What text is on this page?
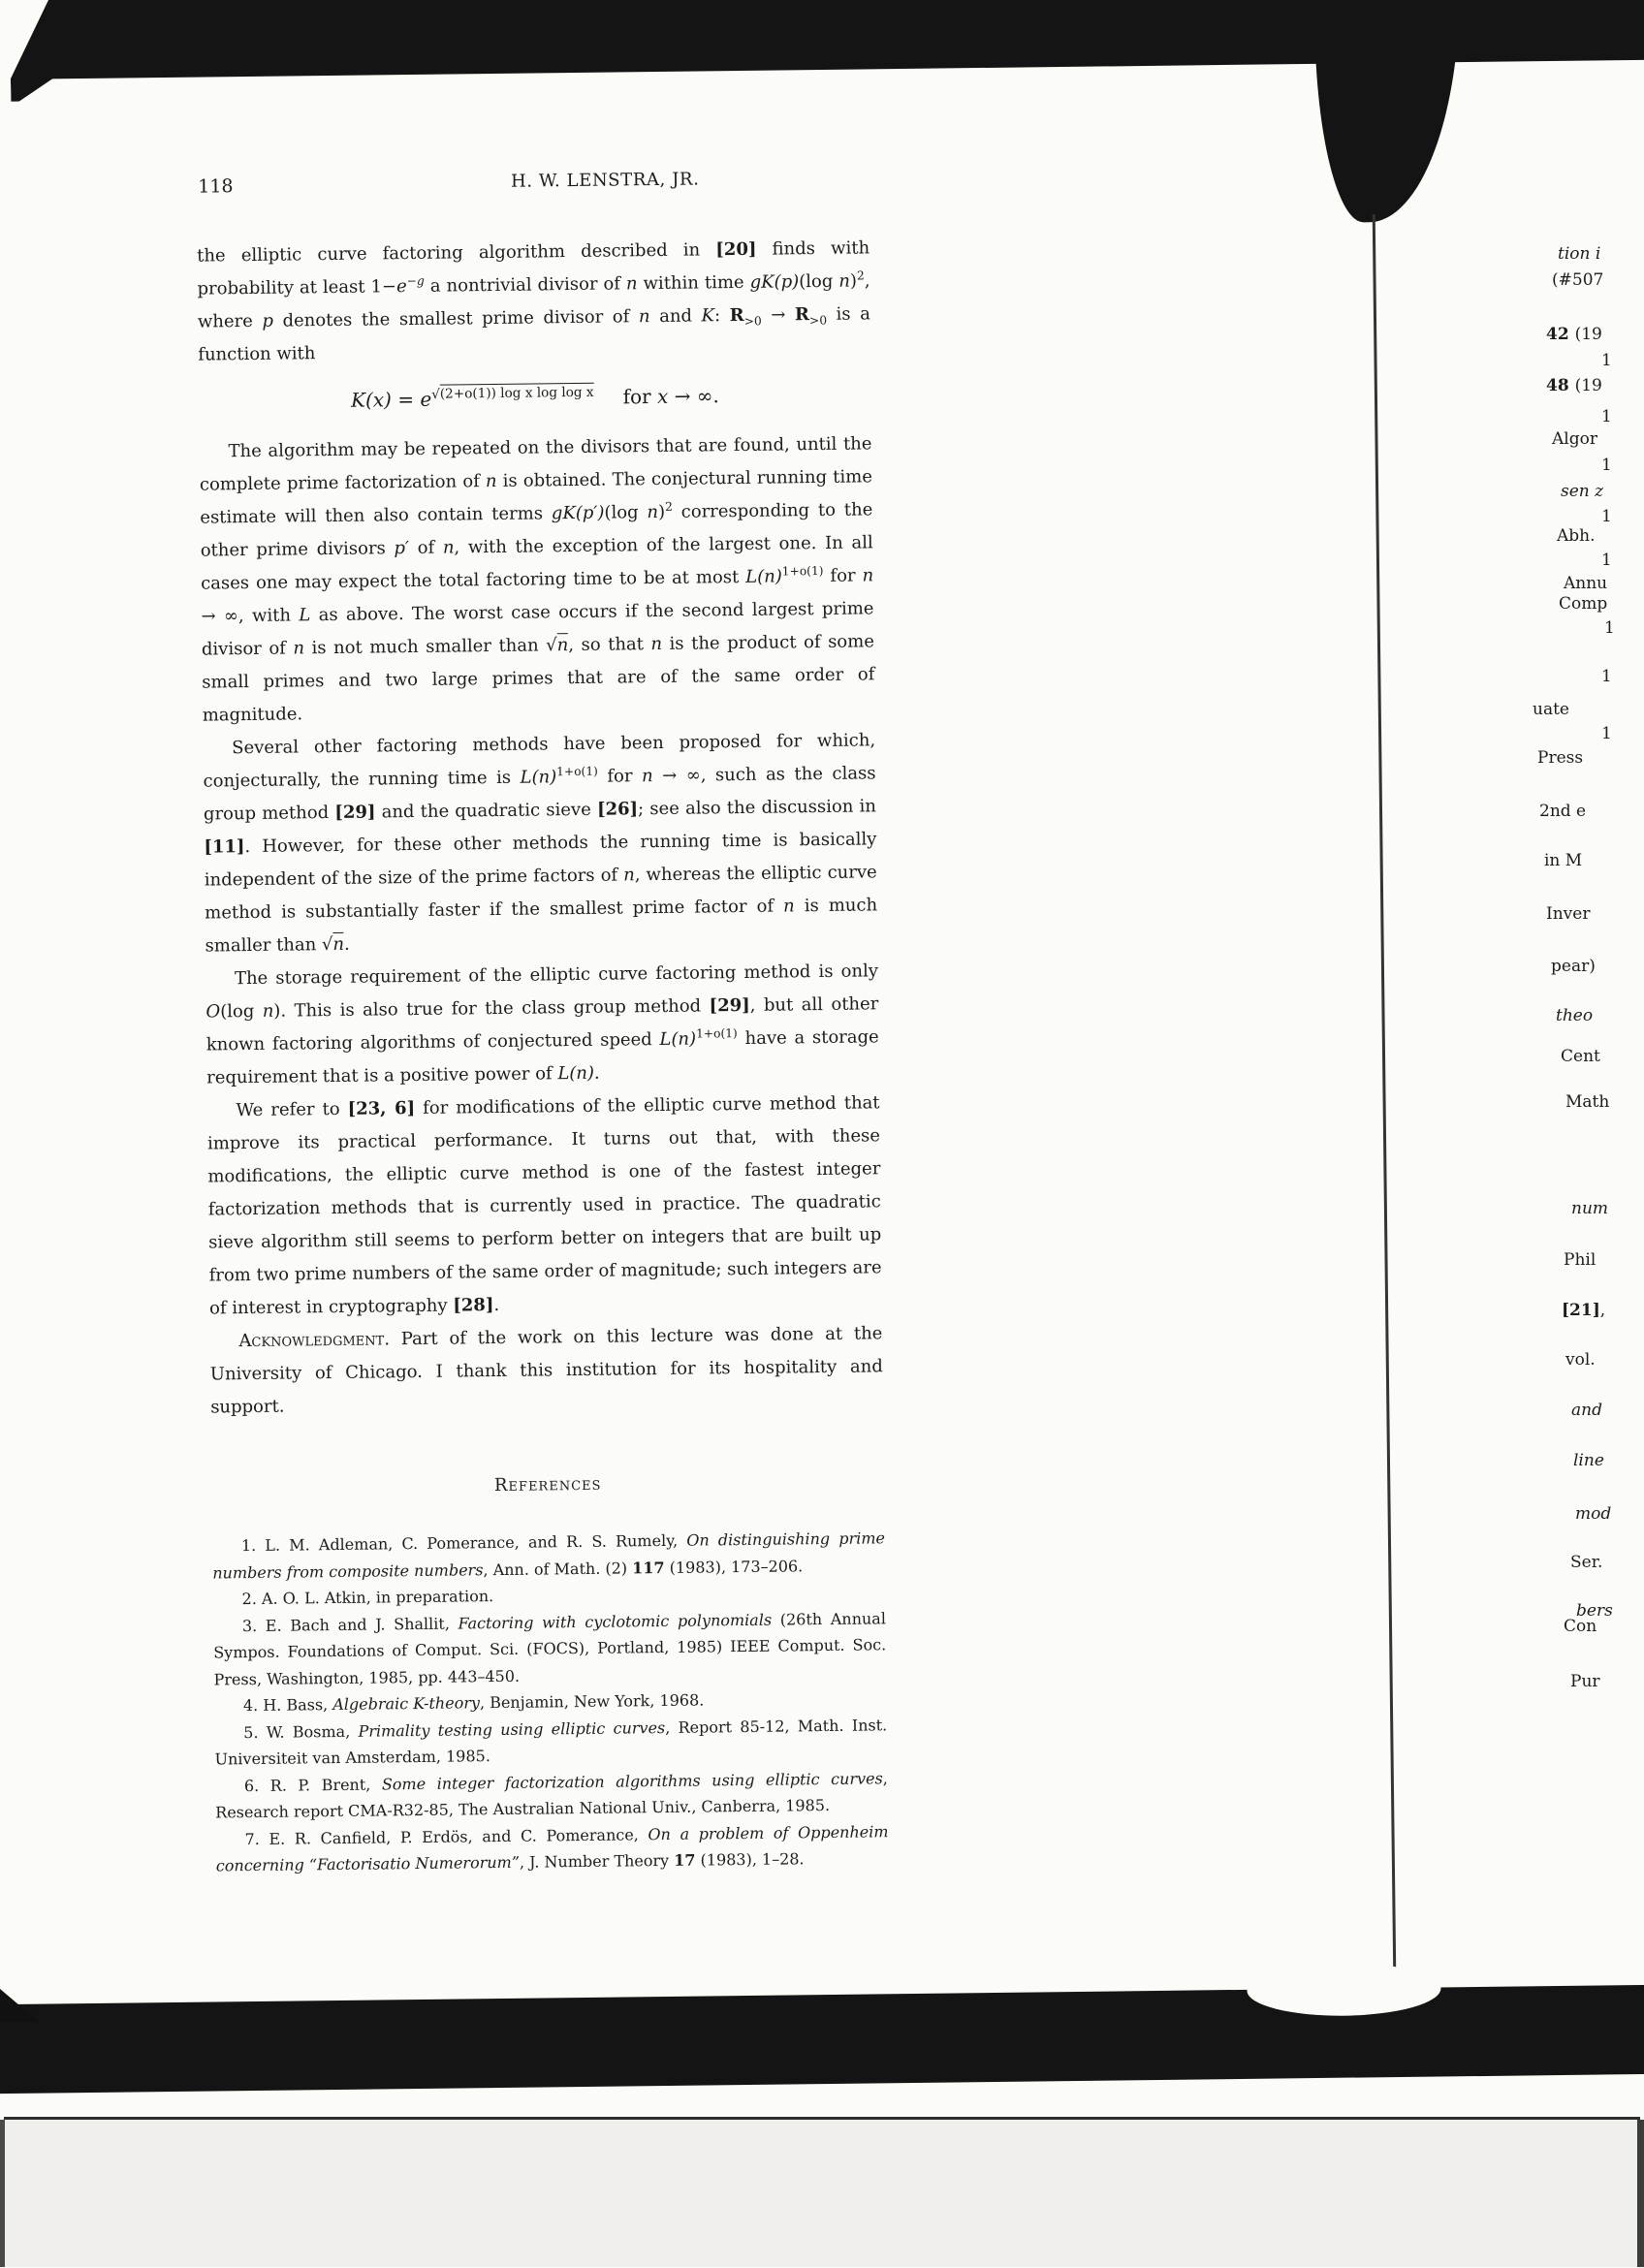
118	H. W. LENSTRA, JR.
the elliptic curve factoring algorithm described in [20] finds with probability at least $1-e^{-g}$ a nontrivial divisor of n within time gK(p)(log n)$^2$, where p denotes the smallest prime divisor of n and K: $R_{>0} \to R_{>0}$ is a function with
$K(x) = e^{√(2+o(1)) log x log log x}$  for x → ∞.
The algorithm may be repeated on the divisors that are found, until the complete prime factorization of n is obtained. The conjectural running time estimate will then also contain terms gK(p′)(log n)$^2$ corresponding to the other prime divisors p′ of n, with the exception of the largest one. In all cases one may expect the total factoring time to be at most $L(n)^{1+o(1)}$ for n → ∞, with L as above. The worst case occurs if the second largest prime divisor of n is not much smaller than √n, so that n is the product of some small primes and two large primes that are of the same order of magnitude.
Several other factoring methods have been proposed for which, conjecturally, the running time is $L(n)^{1+o(1)}$ for n → ∞, such as the class group method [29] and the quadratic sieve [26]; see also the discussion in [11]. However, for these other methods the running time is basically independent of the size of the prime factors of n, whereas the elliptic curve method is substantially faster if the smallest prime factor of n is much smaller than √n.
The storage requirement of the elliptic curve factoring method is only O(log n). This is also true for the class group method [29], but all other known factoring algorithms of conjectured speed $L(n)^{1+o(1)}$ have a storage requirement that is a positive power of L(n).
We refer to [23, 6] for modifications of the elliptic curve method that improve its practical performance. It turns out that, with these modifications, the elliptic curve method is one of the fastest integer factorization methods that is currently used in practice. The quadratic sieve algorithm still seems to perform better on integers that are built up from two prime numbers of the same order of magnitude; such integers are of interest in cryptography [28].
Acknowledgment. Part of the work on this lecture was done at the University of Chicago. I thank this institution for its hospitality and support.
References
1. L. M. Adleman, C. Pomerance, and R. S. Rumely, On distinguishing prime numbers from composite numbers, Ann. of Math. (2) 117 (1983), 173–206.
2. A. O. L. Atkin, in preparation.
3. E. Bach and J. Shallit, Factoring with cyclotomic polynomials (26th Annual Sympos. Foundations of Comput. Sci. (FOCS), Portland, 1985) IEEE Comput. Soc. Press, Washington, 1985, pp. 443–450.
4. H. Bass, Algebraic K-theory, Benjamin, New York, 1968.
5. W. Bosma, Primality testing using elliptic curves, Report 85-12, Math. Inst. Universiteit van Amsterdam, 1985.
6. R. P. Brent, Some integer factorization algorithms using elliptic curves, Research report CMA-R32-85, The Australian National Univ., Canberra, 1985.
7. E. R. Canfield, P. Erdös, and C. Pomerance, On a problem of Oppenheim concerning “Factorisatio Numerorum”, J. Number Theory 17 (1983), 1–28.
tion i
(#507
42 (19
1
48 (19
1
Algor
1
sen z
1
Abh.
1
Annu
Comp
1
1
uate
1
Press
2nd e
in M
Inver
pear)
theo
Cent
Math
num
Phil
[21],
vol.
and
line
mod
Ser.
bers
Con
Pur
